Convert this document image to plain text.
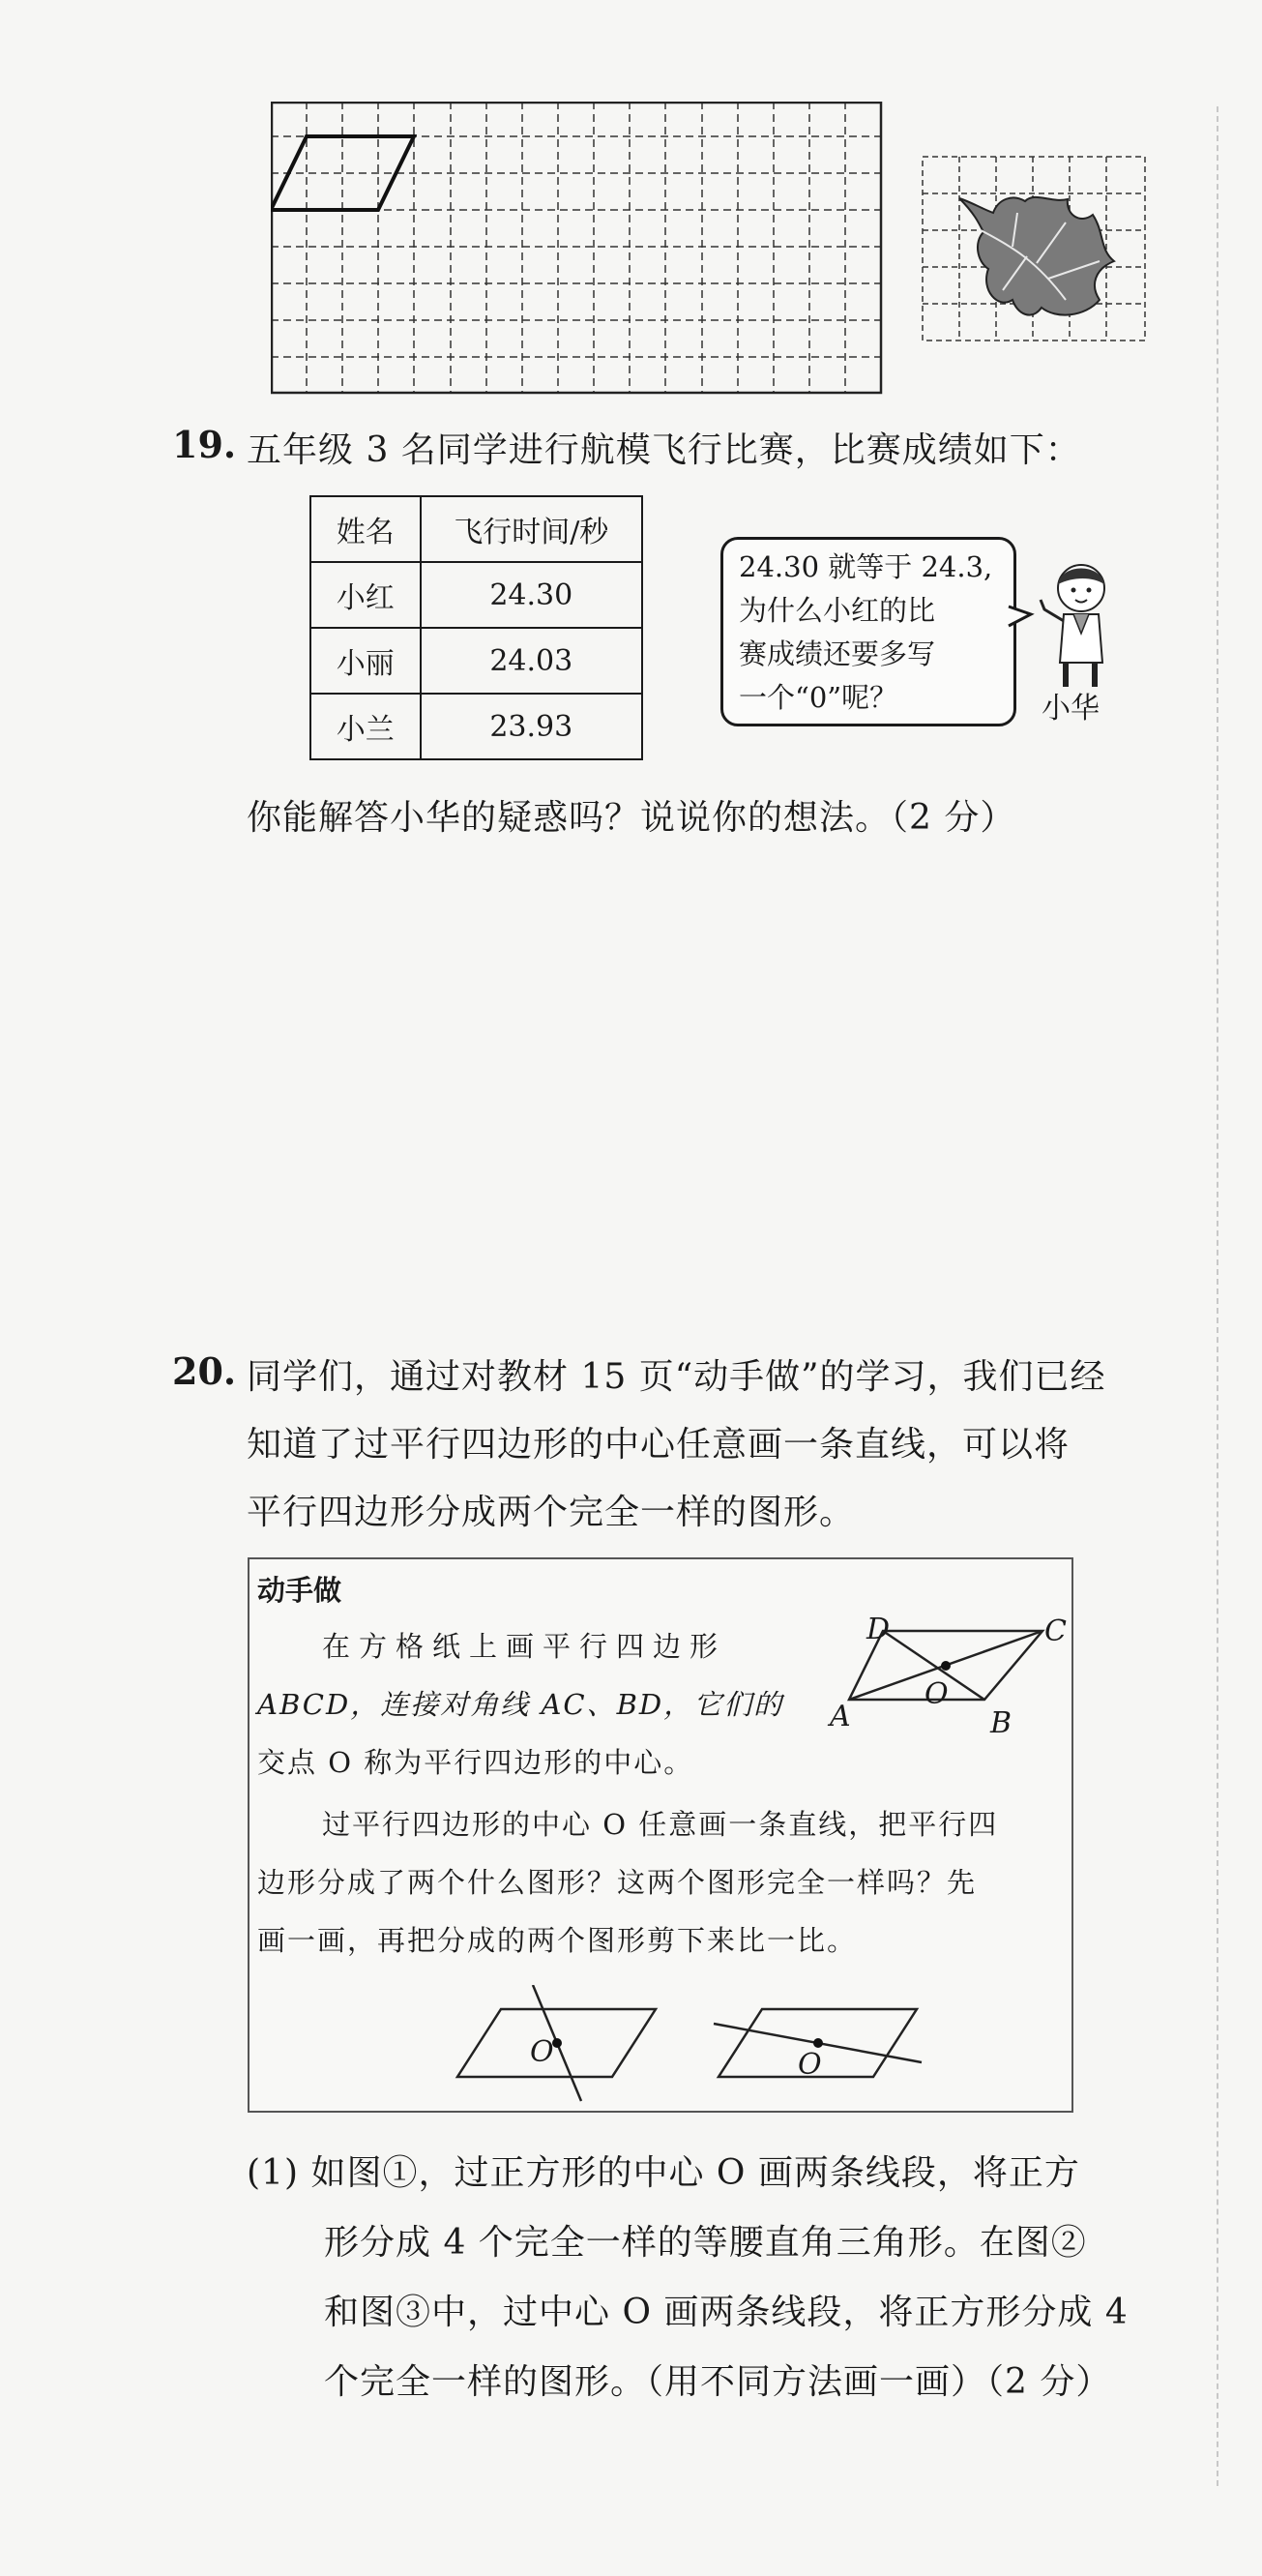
19. 五年级 3 名同学进行航模飞行比赛，比赛成绩如下：
姓名	飞行时间/秒
小红	24.30
小丽	24.03
小兰	23.93
24.30 就等于 24.3,
为什么小红的比
赛成绩还要多写
一个“0”呢？	小华
你能解答小华的疑惑吗？说说你的想法。（2 分）
20. 同学们，通过对教材 15 页“动手做”的学习，我们已经
知道了过平行四边形的中心任意画一条直线，可以将
平行四边形分成两个完全一样的图形。
动手做
在方格纸上画平行四边形
ABCD，连接对角线 AC、BD，它们的
交点 O 称为平行四边形的中心。
过平行四边形的中心 O 任意画一条直线，把平行四
边形分成了两个什么图形？这两个图形完全一样吗？先
画一画，再把分成的两个图形剪下来比一比。
D	C
A	B
O
O	O
(1) 如图①，过正方形的中心 O 画两条线段，将正方
形分成 4 个完全一样的等腰直角三角形。在图②
和图③中，过中心 O 画两条线段，将正方形分成 4
个完全一样的图形。（用不同方法画一画）（2 分）
